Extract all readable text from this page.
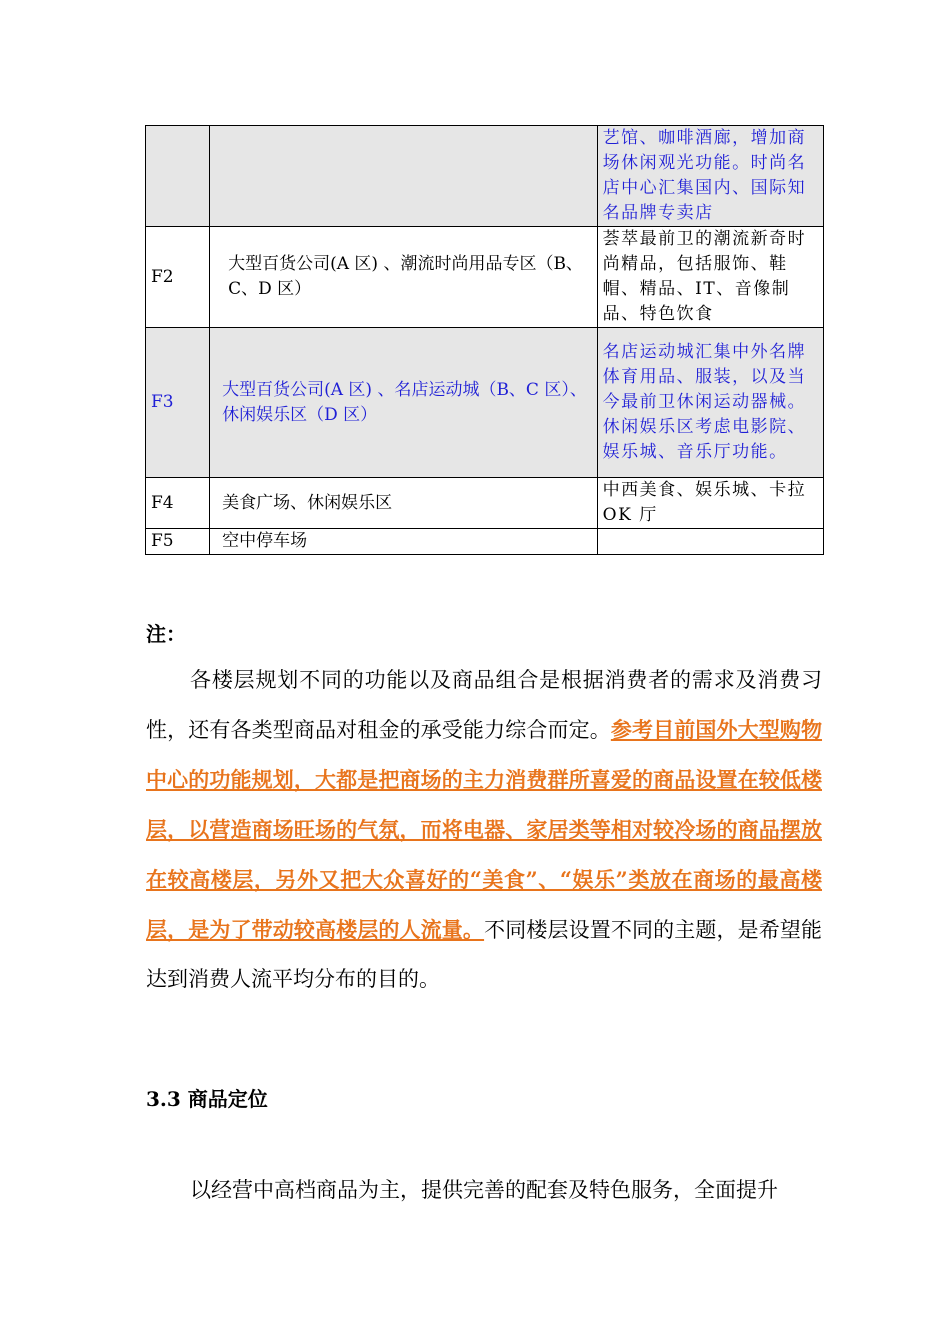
		艺馆、咖啡酒廊，增加商场休闲观光功能。时尚名店中心汇集国内、国际知名品牌专卖店
F2	大型百货公司(A 区) 、潮流时尚用品专区（B、C、D 区）	荟萃最前卫的潮流新奇时尚精品，包括服饰、鞋帽、精品、IT、音像制品、特色饮食
F3	大型百货公司(A 区) 、名店运动城（B、C 区）、休闲娱乐区（D 区）	名店运动城汇集中外名牌体育用品、服装，以及当今最前卫休闲运动器械。休闲娱乐区考虑电影院、娱乐城、音乐厅功能。
F4	美食广场、休闲娱乐区	中西美食、娱乐城、卡拉 OK 厅
F5	空中停车场	
注：

各楼层规划不同的功能以及商品组合是根据消费者的需求及消费习性，还有各类型商品对租金的承受能力综合而定。参考目前国外大型购物中心的功能规划，大都是把商场的主力消费群所喜爱的商品设置在较低楼层，以营造商场旺场的气氛，而将电器、家居类等相对较冷场的商品摆放在较高楼层，另外又把大众喜好的“美食”、“娱乐”类放在商场的最高楼层，是为了带动较高楼层的人流量。不同楼层设置不同的主题，是希望能达到消费人流平均分布的目的。

3.3 商品定位

以经营中高档商品为主，提供完善的配套及特色服务，全面提升
